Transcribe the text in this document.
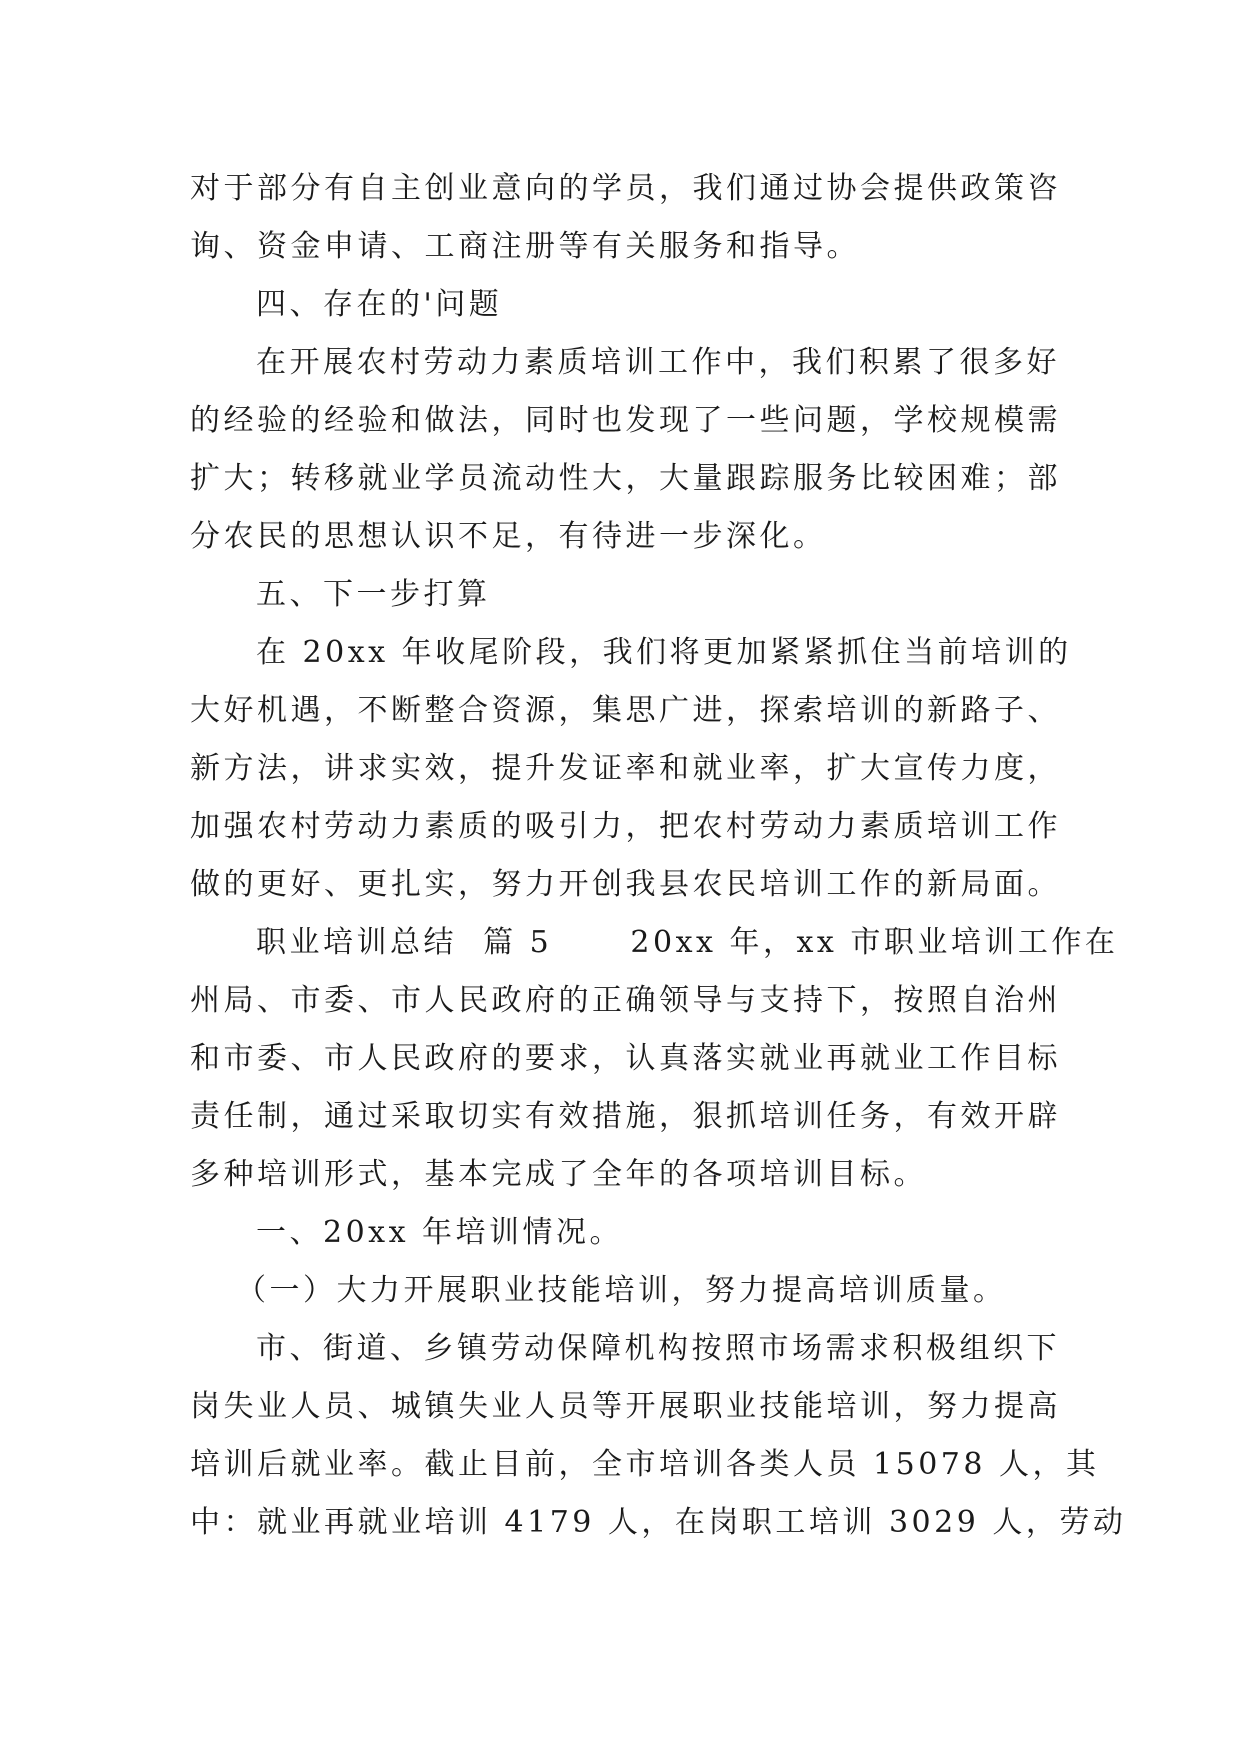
对于部分有自主创业意向的学员，我们通过协会提供政策咨
询、资金申请、工商注册等有关服务和指导。
四、存在的'问题
在开展农村劳动力素质培训工作中，我们积累了很多好
的经验的经验和做法，同时也发现了一些问题，学校规模需
扩大；转移就业学员流动性大，大量跟踪服务比较困难；部
分农民的思想认识不足，有待进一步深化。
五、下一步打算
在 20xx 年收尾阶段，我们将更加紧紧抓住当前培训的
大好机遇，不断整合资源，集思广进，探索培训的新路子、
新方法，讲求实效，提升发证率和就业率，扩大宣传力度，
加强农村劳动力素质的吸引力，把农村劳动力素质培训工作
做的更好、更扎实，努力开创我县农民培训工作的新局面。
职业培训总结  篇 5      20xx 年，xx 市职业培训工作在
州局、市委、市人民政府的正确领导与支持下，按照自治州
和市委、市人民政府的要求，认真落实就业再就业工作目标
责任制，通过采取切实有效措施，狠抓培训任务，有效开辟
多种培训形式，基本完成了全年的各项培训目标。
一、20xx 年培训情况。
（一）大力开展职业技能培训，努力提高培训质量。
市、街道、乡镇劳动保障机构按照市场需求积极组织下
岗失业人员、城镇失业人员等开展职业技能培训，努力提高
培训后就业率。截止目前，全市培训各类人员 15078 人，其
中：就业再就业培训 4179 人，在岗职工培训 3029 人，劳动
